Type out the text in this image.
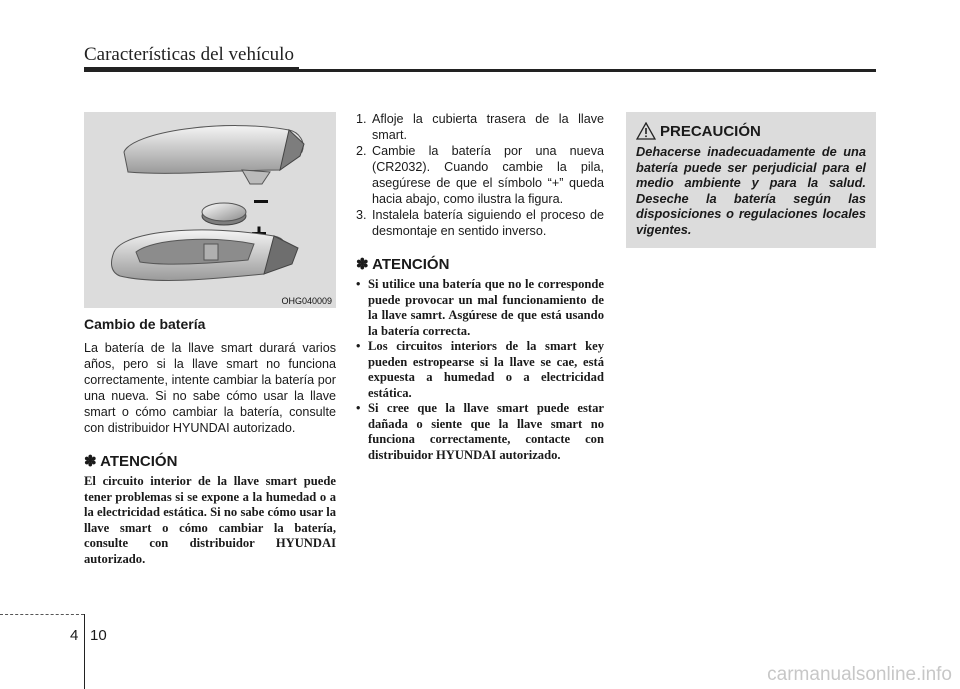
Características del vehículo
OHG040009
Cambio de batería

La batería de la llave smart durará varios años, pero si la llave smart no funciona correctamente, intente cambiar la batería por una nueva. Si no sabe cómo usar la llave smart o cómo cambiar la batería, consulte con distribuidor HYUNDAI autorizado.

✽ ATENCIÓN

El circuito interior de la llave smart puede tener problemas si se expone a la humedad o a la electricidad estática. Si no sabe cómo usar la llave smart o cómo cambiar la batería, consulte con distribuidor HYUNDAI autorizado.

1. Afloje la cubierta trasera de la llave smart.
2. Cambie la batería por una nueva (CR2032). Cuando cambie la pila, asegúrese de que el símbolo “+” queda hacia abajo, como ilustra la figura.
3. Instalela batería siguiendo el proceso de desmontaje en sentido inverso.
✽ ATENCIÓN
• Si utilice una batería que no le corresponde puede provocar un mal funcionamiento de la llave samrt. Asgúrese de que está usando la batería correcta.
• Los circuitos interiors de la smart key pueden estropearse si la llave se cae, está expuesta a humedad o a electricidad estática.
• Si cree que la llave smart puede estar dañada o siente que la llave smart no funciona correctamente, contacte con distribuidor HYUNDAI autorizado.
PRECAUCIÓN

Dehacerse inadecuadamente de una batería puede ser perjudicial para el medio ambiente y para la salud. Deseche la batería según las disposiciones o regulaciones locales vigentes.

4 10
carmanualsonline.info
